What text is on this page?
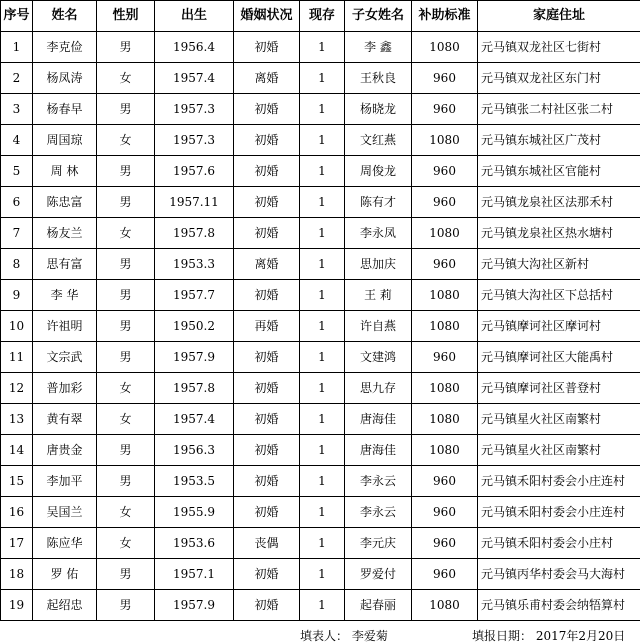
序号	姓名	性别	出生	婚姻状况	现存	子女姓名	补助标准	家庭住址
1	李克俭	男	1956.4	初婚	1	李 鑫	1080	元马镇双龙社区七街村
2	杨凤涛	女	1957.4	离婚	1	王秋良	960	元马镇双龙社区东门村
3	杨春早	男	1957.3	初婚	1	杨晓龙	960	元马镇张二村社区张二村
4	周国琼	女	1957.3	初婚	1	文红燕	1080	元马镇东城社区广茂村
5	周 林	男	1957.6	初婚	1	周俊龙	960	元马镇东城社区官能村
6	陈忠富	男	1957.11	初婚	1	陈有才	960	元马镇龙泉社区法那禾村
7	杨友兰	女	1957.8	初婚	1	李永凤	1080	元马镇龙泉社区热水塘村
8	思有富	男	1953.3	离婚	1	思加庆	960	元马镇大沟社区新村
9	李 华	男	1957.7	初婚	1	王 莉	1080	元马镇大沟社区下总括村
10	许祖明	男	1950.2	再婚	1	许自燕	1080	元马镇摩诃社区摩诃村
11	文宗武	男	1957.9	初婚	1	文建鸿	960	元马镇摩诃社区大能禹村
12	普加彩	女	1957.8	初婚	1	思九存	1080	元马镇摩诃社区普登村
13	黄有翠	女	1957.4	初婚	1	唐海佳	1080	元马镇星火社区南繁村
14	唐贵金	男	1956.3	初婚	1	唐海佳	1080	元马镇星火社区南繁村
15	李加平	男	1953.5	初婚	1	李永云	960	元马镇禾阳村委会小庄连村
16	吴国兰	女	1955.9	初婚	1	李永云	960	元马镇禾阳村委会小庄连村
17	陈应华	女	1953.6	丧偶	1	李元庆	960	元马镇禾阳村委会小庄村
18	罗 佑	男	1957.1	初婚	1	罗爱付	960	元马镇丙华村委会马大海村
19	起绍忠	男	1957.9	初婚	1	起春丽	1080	元马镇乐甫村委会纳牾算村
填表人： 李爱菊	填报日期： 2017年2月20日
